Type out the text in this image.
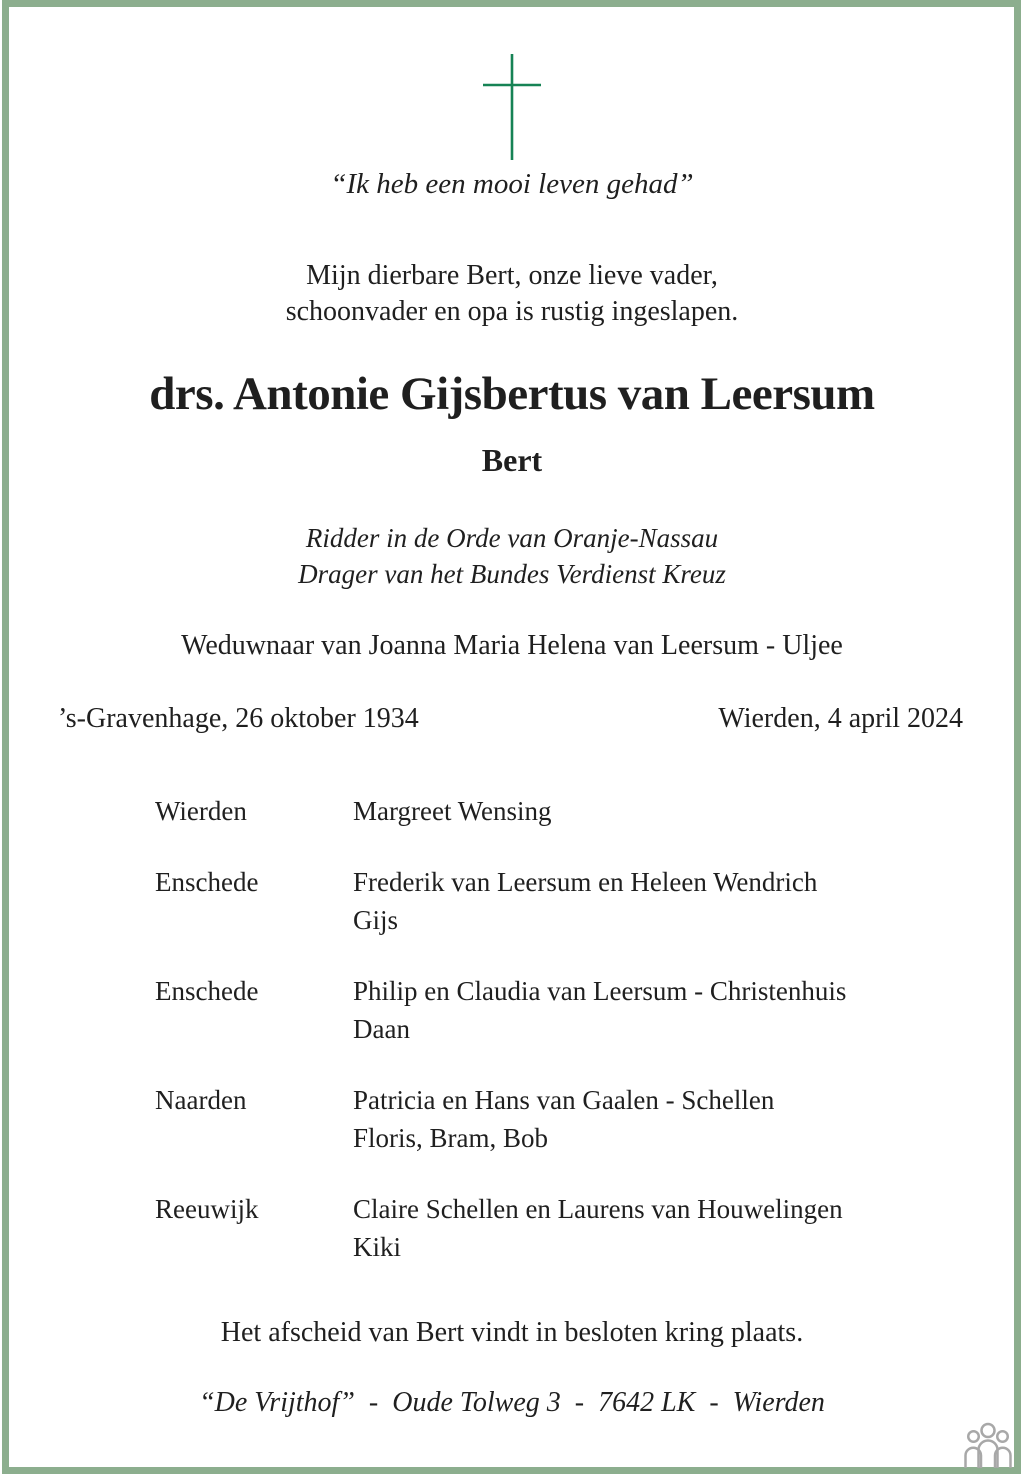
“Ik heb een mooi leven gehad”
Mijn dierbare Bert, onze lieve vader,
schoonvader en opa is rustig ingeslapen.
drs. Antonie Gijsbertus van Leersum
Bert
Ridder in de Orde van Oranje-Nassau
Drager van het Bundes Verdienst Kreuz
Weduwnaar van Joanna Maria Helena van Leersum - Uljee
’s-Gravenhage, 26 oktober 1934	Wierden, 4 april 2024
Wierden	Margreet Wensing
Enschede	Frederik van Leersum en Heleen Wendrich
Gijs
Enschede	Philip en Claudia van Leersum - Christenhuis
Daan
Naarden	Patricia en Hans van Gaalen - Schellen
Floris, Bram, Bob
Reeuwijk	Claire Schellen en Laurens van Houwelingen
Kiki
Het afscheid van Bert vindt in besloten kring plaats.
“De Vrijthof”  -  Oude Tolweg 3  -  7642 LK  -  Wierden
